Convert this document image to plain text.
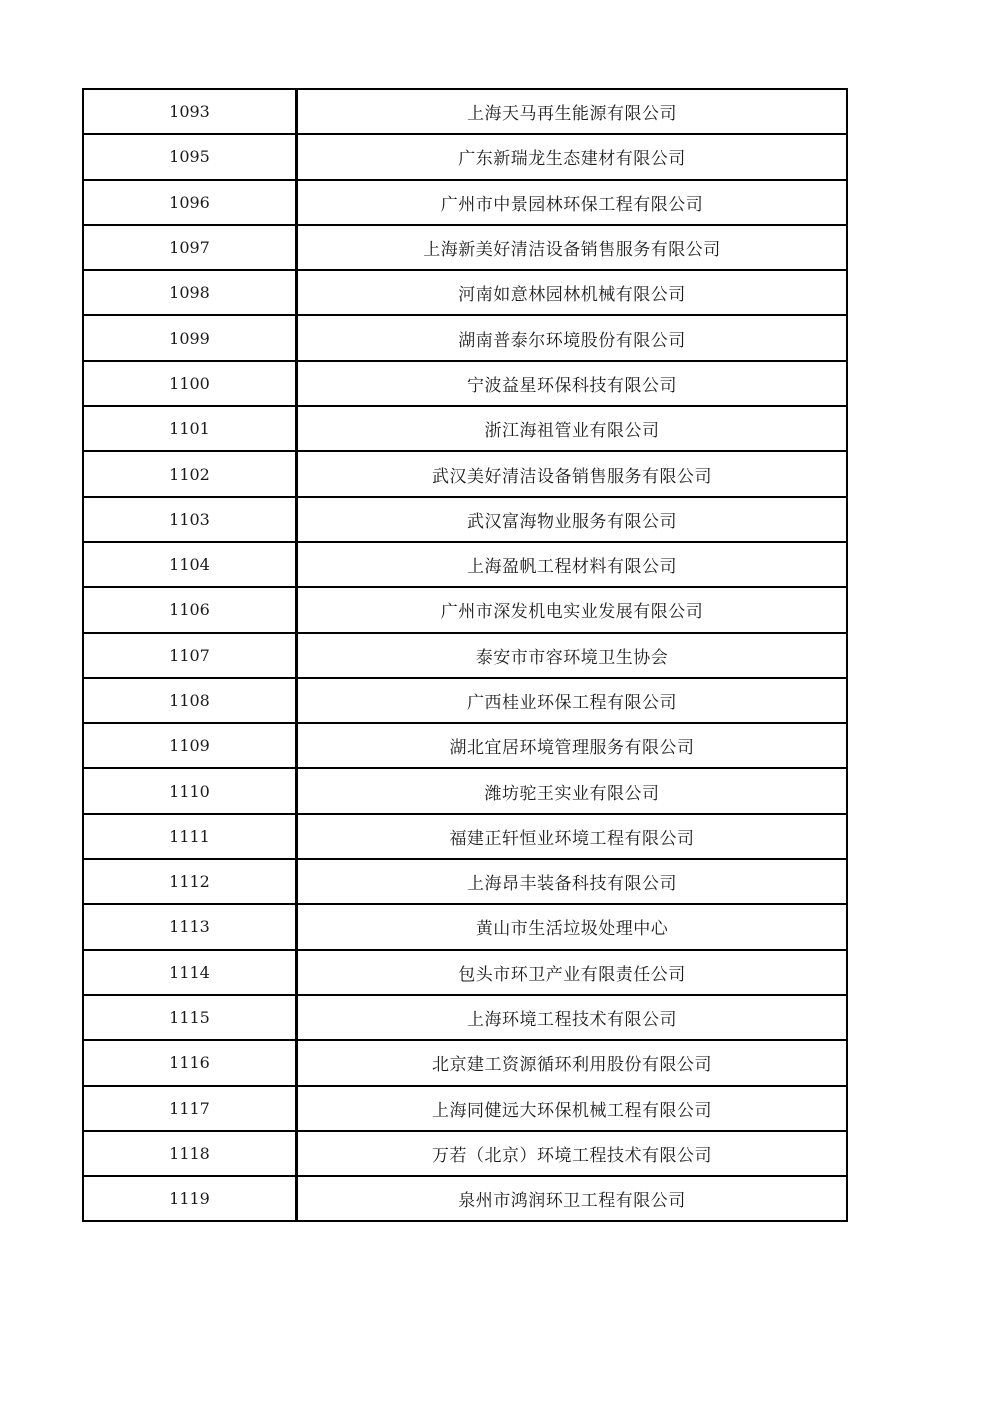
1093	上海天马再生能源有限公司
1095	广东新瑞龙生态建材有限公司
1096	广州市中景园林环保工程有限公司
1097	上海新美好清洁设备销售服务有限公司
1098	河南如意林园林机械有限公司
1099	湖南普泰尔环境股份有限公司
1100	宁波益星环保科技有限公司
1101	浙江海祖管业有限公司
1102	武汉美好清洁设备销售服务有限公司
1103	武汉富海物业服务有限公司
1104	上海盈帆工程材料有限公司
1106	广州市深发机电实业发展有限公司
1107	泰安市市容环境卫生协会
1108	广西桂业环保工程有限公司
1109	湖北宜居环境管理服务有限公司
1110	潍坊驼王实业有限公司
1111	福建正轩恒业环境工程有限公司
1112	上海昂丰装备科技有限公司
1113	黄山市生活垃圾处理中心
1114	包头市环卫产业有限责任公司
1115	上海环境工程技术有限公司
1116	北京建工资源循环利用股份有限公司
1117	上海同健远大环保机械工程有限公司
1118	万若（北京）环境工程技术有限公司
1119	泉州市鸿润环卫工程有限公司
